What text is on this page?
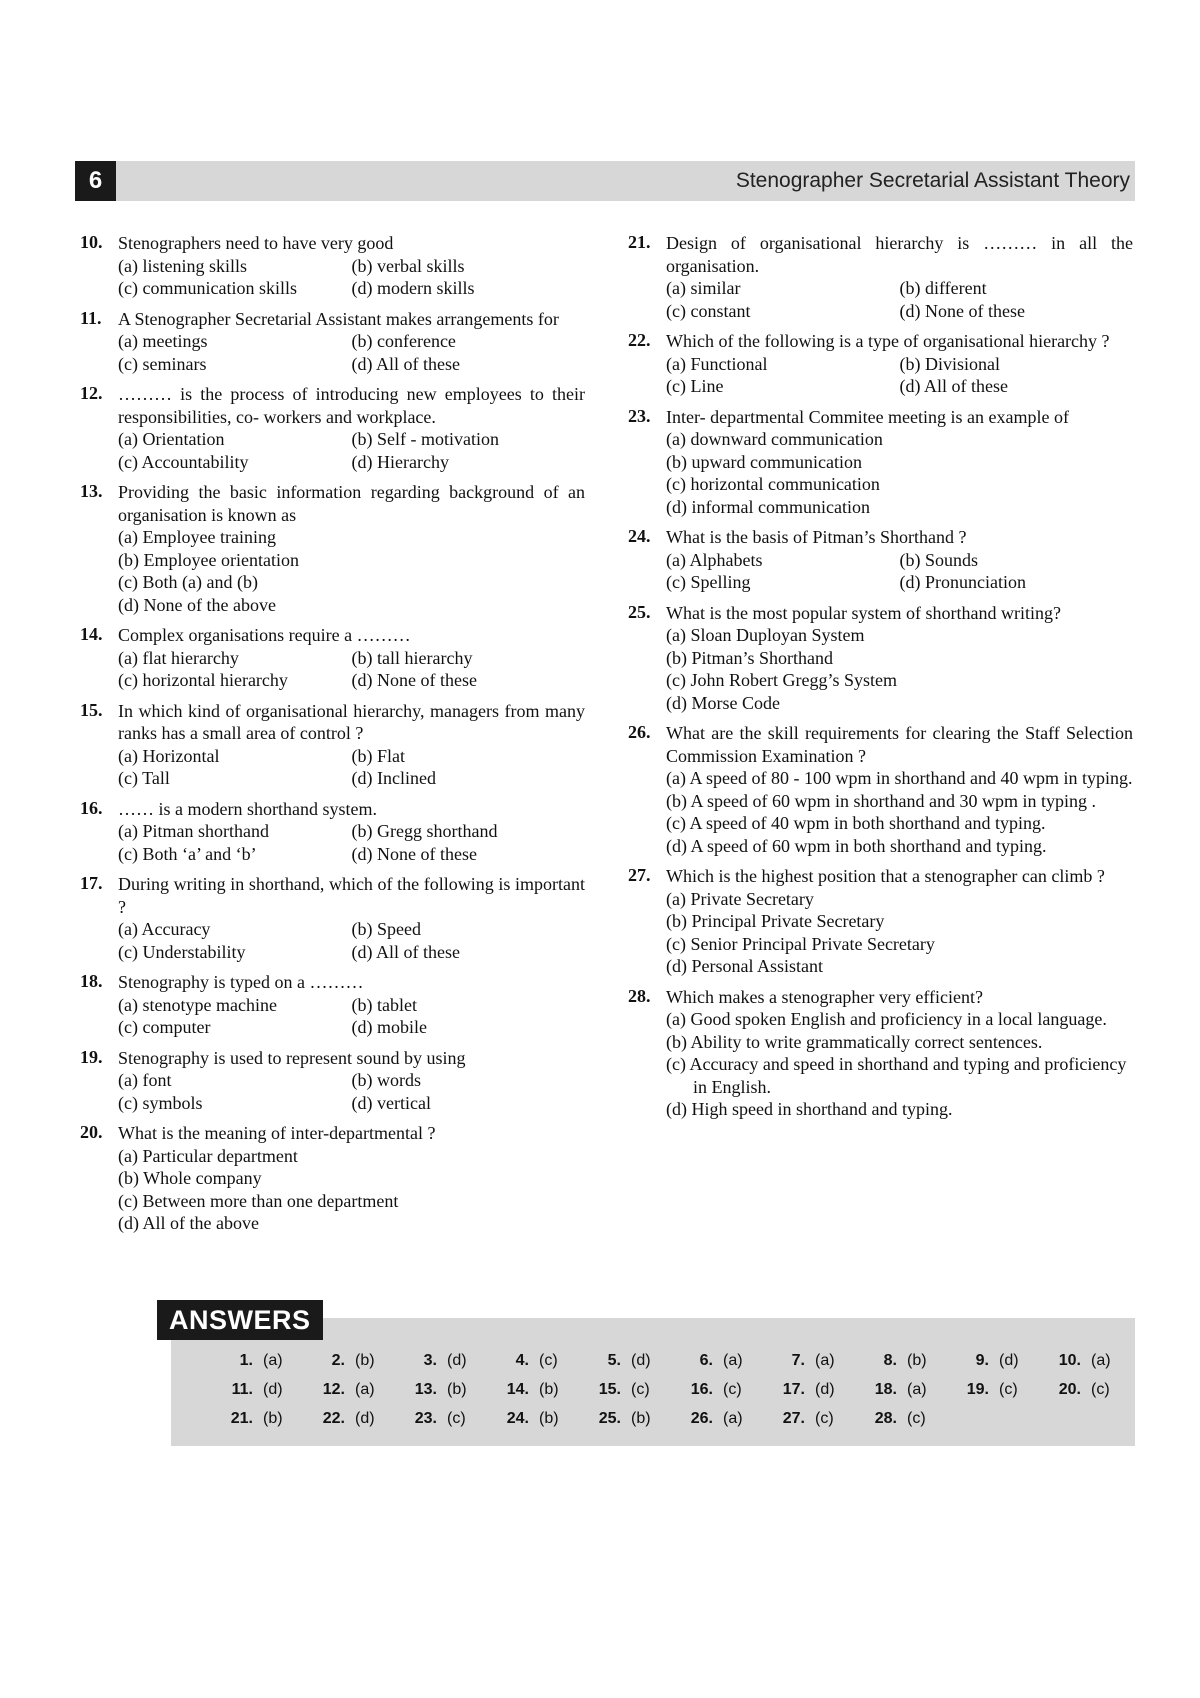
6	Stenographer Secretarial Assistant Theory
10. Stenographers need to have very good
(a) listening skills	(b) verbal skills
(c) communication skills	(d) modern skills
11. A Stenographer Secretarial Assistant makes arrangements for
(a) meetings	(b) conference
(c) seminars	(d) All of these
12. ……… is the process of introducing new employees to their responsibilities, co- workers and workplace.
(a) Orientation	(b) Self - motivation
(c) Accountability	(d) Hierarchy
13. Providing the basic information regarding background of an organisation is known as
(a) Employee training
(b) Employee orientation
(c) Both (a) and (b)
(d) None of the above
14. Complex organisations require a ………
(a) flat hierarchy	(b) tall hierarchy
(c) horizontal hierarchy	(d) None of these
15. In which kind of organisational hierarchy, managers from many ranks has a small area of control ?
(a) Horizontal	(b) Flat
(c) Tall	(d) Inclined
16. …… is a modern shorthand system.
(a) Pitman shorthand	(b) Gregg shorthand
(c) Both ‘a’ and ‘b’	(d) None of these
17. During writing in shorthand, which of the following is important ?
(a) Accuracy	(b) Speed
(c) Understability	(d) All of these
18. Stenography is typed on a ………
(a) stenotype machine	(b) tablet
(c) computer	(d) mobile
19. Stenography is used to represent sound by using
(a) font	(b) words
(c) symbols	(d) vertical
20. What is the meaning of inter-departmental ?
(a) Particular department
(b) Whole company
(c) Between more than one department
(d) All of the above
21. Design of organisational hierarchy is ……… in all the organisation.
(a) similar	(b) different
(c) constant	(d) None of these
22. Which of the following is a type of organisational hierarchy ?
(a) Functional	(b) Divisional
(c) Line	(d) All of these
23. Inter- departmental Commitee meeting is an example of
(a) downward communication
(b) upward communication
(c) horizontal communication
(d) informal communication
24. What is the basis of Pitman’s Shorthand ?
(a) Alphabets	(b) Sounds
(c) Spelling	(d) Pronunciation
25. What is the most popular system of shorthand writing?
(a) Sloan Duployan System
(b) Pitman’s Shorthand
(c) John Robert Gregg’s System
(d) Morse Code
26. What are the skill requirements for clearing the Staff Selection Commission Examination ?
(a) A speed of 80 - 100 wpm in shorthand and 40 wpm in typing.
(b) A speed of 60 wpm in shorthand and 30 wpm in typing .
(c) A speed of 40 wpm in both shorthand and typing.
(d) A speed of 60 wpm in both shorthand and typing.
27. Which is the highest position that a stenographer can climb ?
(a) Private Secretary
(b) Principal Private Secretary
(c) Senior Principal Private Secretary
(d) Personal Assistant
28. Which makes a stenographer very efficient?
(a) Good spoken English and proficiency in a local language.
(b) Ability to write grammatically correct sentences.
(c) Accuracy and speed in shorthand and typing and proficiency in English.
(d) High speed in shorthand and typing.
ANSWERS
1. (a)	2. (b)	3. (d)	4. (c)	5. (d)	6. (a)	7. (a)	8. (b)	9. (d)	10. (a)
11. (d)	12. (a)	13. (b)	14. (b)	15. (c)	16. (c)	17. (d)	18. (a)	19. (c)	20. (c)
21. (b)	22. (d)	23. (c)	24. (b)	25. (b)	26. (a)	27. (c)	28. (c)
